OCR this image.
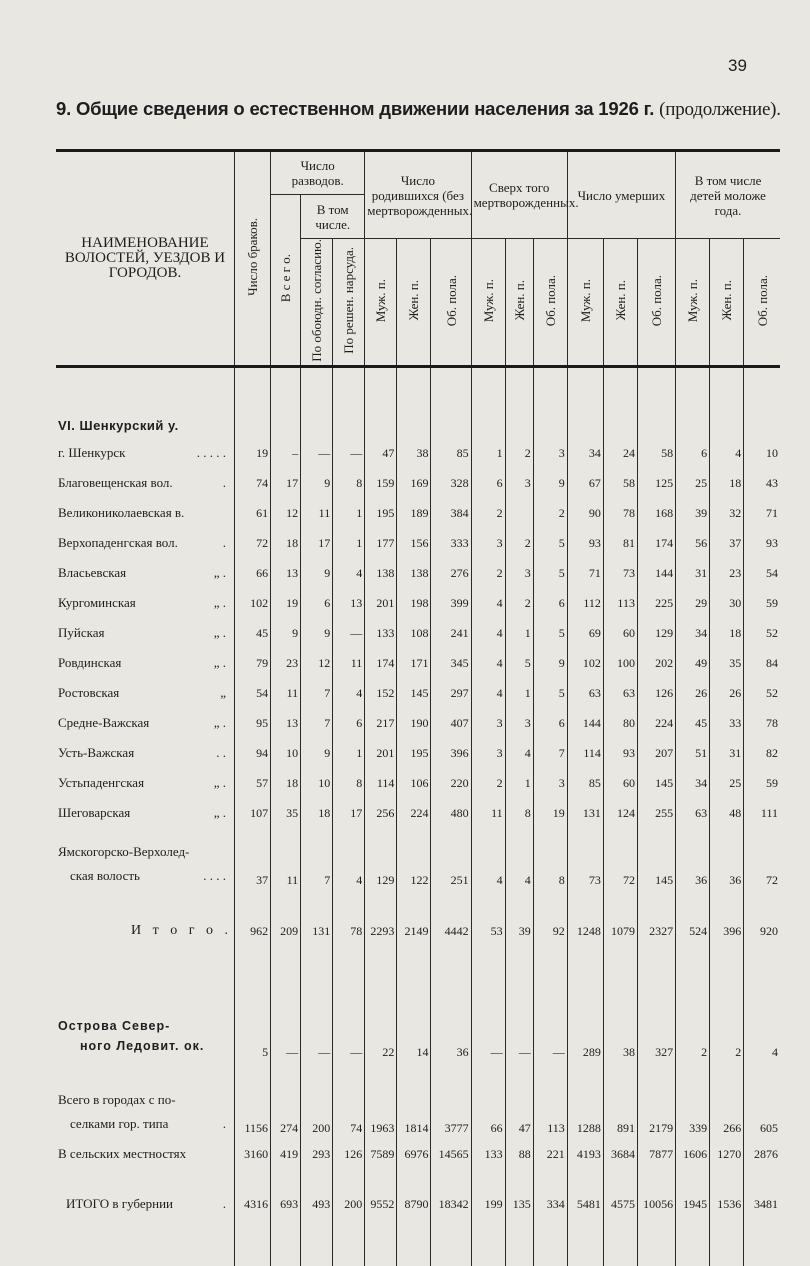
39
9. Общие сведения о естественном движении населения за 1926 г. (продолжение).
НАИМЕНОВАНИЕ ВОЛОСТЕЙ, УЕЗДОВ И ГОРОДОВ.	Число браков.	Число разводов.			Число родившихся (без мертворожденных.			Сверх того мертворожденных.			Число умерших			В том числе детей моложе года.		
		В с е г о.	В том числе.													
			По обоюдн. согласию.	По решен. нарсуда.	Муж. п.	Жен. п.	Об. пола.	Муж. п.	Жен. п.	Об. пола.	Муж. п.	Жен. п.	Об. пола.	Муж. п.	Жен. п.	Об. пола.

VI. Шенкурский у.																
г. Шенкурск . . . . .	19	–	—	—	47	38	85	1	2	3	34	24	58	6	4	10
Благовещенская вол. .	74	17	9	8	159	169	328	6	3	9	67	58	125	25	18	43
Великониколаевская в.	61	12	11	1	195	189	384	2		2	90	78	168	39	32	71
Верхопаденгская вол. .	72	18	17	1	177	156	333	3	2	5	93	81	174	56	37	93
Власьевская „ .	66	13	9	4	138	138	276	2	3	5	71	73	144	31	23	54
Кургоминская „ .	102	19	6	13	201	198	399	4	2	6	112	113	225	29	30	59
Пуйская „ .	45	9	9	—	133	108	241	4	1	5	69	60	129	34	18	52
Ровдинская „ .	79	23	12	11	174	171	345	4	5	9	102	100	202	49	35	84
Ростовская „	54	11	7	4	152	145	297	4	1	5	63	63	126	26	26	52
Средне-Важская „ .	95	13	7	6	217	190	407	3	3	6	144	80	224	45	33	78
Усть-Важская . .	94	10	9	1	201	195	396	3	4	7	114	93	207	51	31	82
Устьпаденгская „ .	57	18	10	8	114	106	220	2	1	3	85	60	145	34	25	59
Шеговарская „ .	107	35	18	17	256	224	480	11	8	19	131	124	255	63	48	111

Ямскогорско-Верхолед-
ская волость . . . .	37	11	7	4	129	122	251	4	4	8	73	72	145	36	36	72
И т о г о .	962	209	131	78	2293	2149	4442	53	39	92	1248	1079	2327	524	396	920

Острова Север-
ного Ледовит. ок.	5	—	—	—	22	14	36	—	—	—	289	38	327	2	2	4

Всего в городах с по-
селками гор. типа .	1156	274	200	74	1963	1814	3777	66	47	113	1288	891	2179	339	266	605
В сельских местностях	3160	419	293	126	7589	6976	14565	133	88	221	4193	3684	7877	1606	1270	2876
ИТОГО в губернии .	4316	693	493	200	9552	8790	18342	199	135	334	5481	4575	10056	1945	1536	3481
